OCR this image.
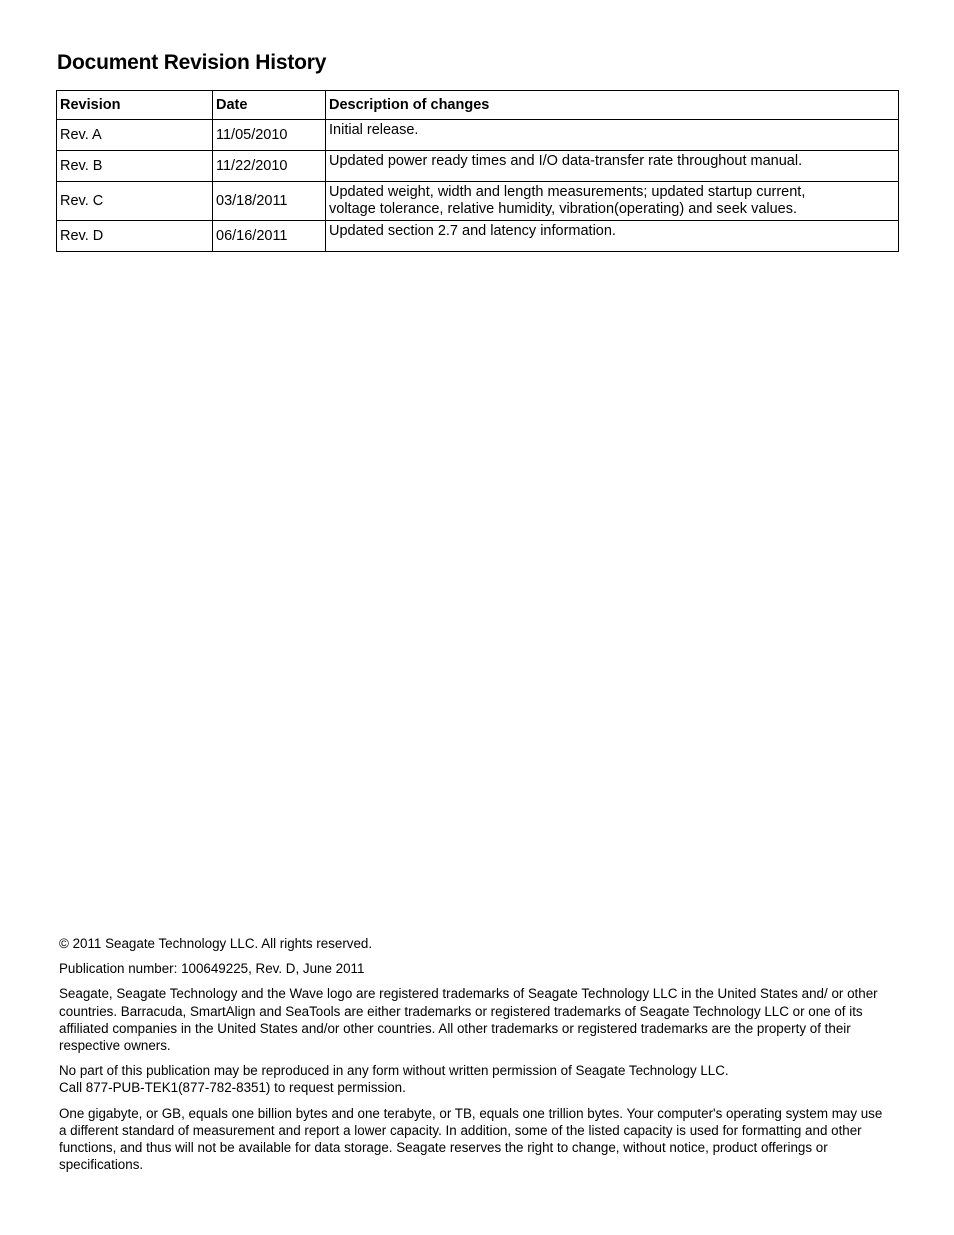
Document Revision History
Revision	Date	Description of changes
Rev. A	11/05/2010	Initial release.
Rev. B	11/22/2010	Updated power ready times and I/O data-transfer rate throughout manual.
Rev. C	03/18/2011	Updated weight, width and length measurements; updated startup current,
voltage tolerance, relative humidity, vibration(operating) and seek values.
Rev. D	06/16/2011	Updated section 2.7 and latency information.

© 2011 Seagate Technology LLC. All rights reserved.

Publication number: 100649225, Rev. D, June 2011

Seagate, Seagate Technology and the Wave logo are registered trademarks of Seagate Technology LLC in the United States and/ or other countries. Barracuda, SmartAlign and SeaTools are either trademarks or registered trademarks of Seagate Technology LLC or one of its affiliated companies in the United States and/or other countries. All other trademarks or registered trademarks are the property of their respective owners.

No part of this publication may be reproduced in any form without written permission of Seagate Technology LLC.
Call 877-PUB-TEK1(877-782-8351) to request permission.

One gigabyte, or GB, equals one billion bytes and one terabyte, or TB, equals one trillion bytes. Your computer's operating system may use a different standard of measurement and report a lower capacity. In addition, some of the listed capacity is used for formatting and other functions, and thus will not be available for data storage. Seagate reserves the right to change, without notice, product offerings or specifications.
